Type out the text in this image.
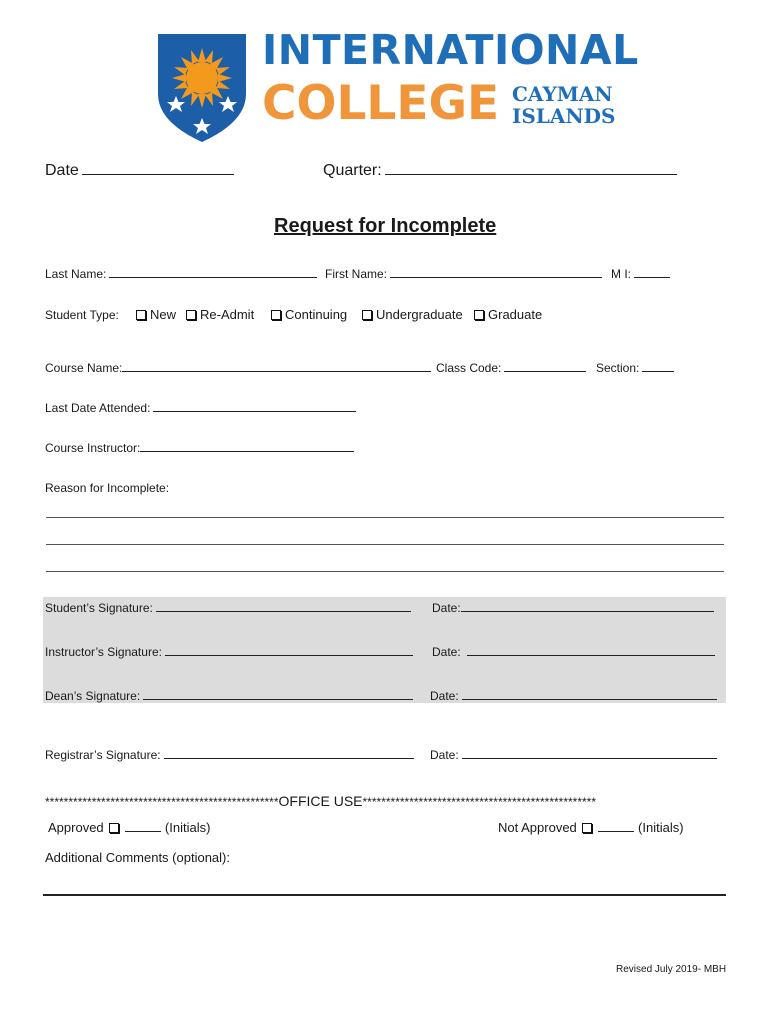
INTERNATIONAL
COLLEGE CAYMAN
ISLANDS
Date	Quarter:
Request for Incomplete
Last Name:	First Name:	M I:
Student Type:	New	Re-Admit	Continuing	Undergraduate	Graduate
Course Name:	Class Code:	Section:
Last Date Attended:
Course Instructor:
Reason for Incomplete:
Student’s Signature:	Date:
Instructor’s Signature:	Date:
Dean’s Signature:	Date:
Registrar’s Signature:	Date:
**************************************************OFFICE USE**************************************************
Approved	(Initials)	Not Approved	(Initials)
Additional Comments (optional):
Revised July 2019- MBH
